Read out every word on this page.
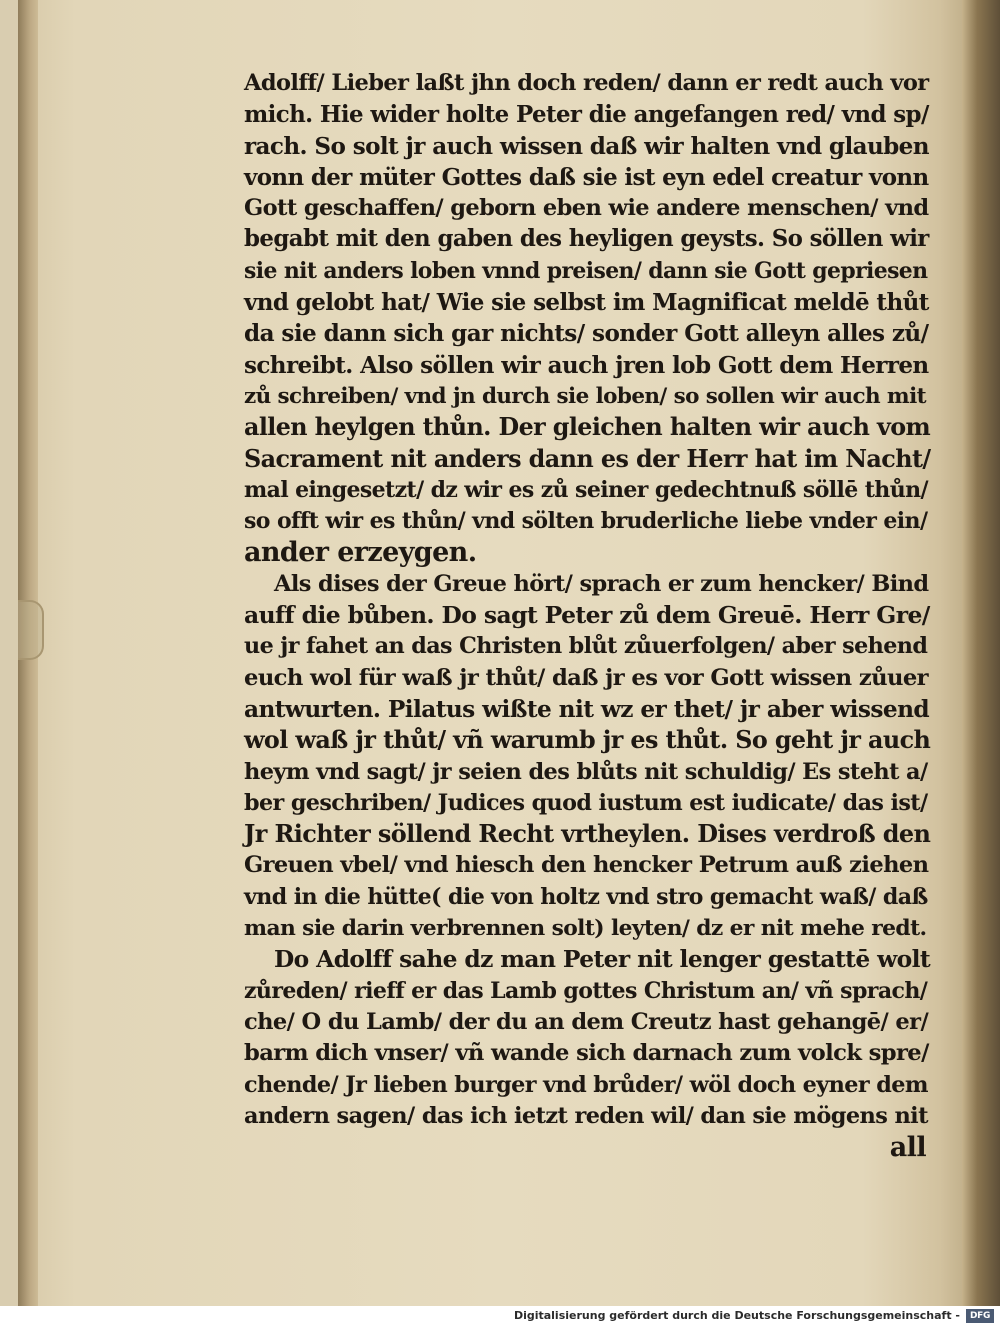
Adolff/ Lieber laßt jhn doch reden/ dann er redt auch vor
mich. Hie wider holte Peter die angefangen red/ vnd sp/
rach. So solt jr auch wissen daß wir halten vnd glauben
vonn der müter Gottes daß sie ist eyn edel creatur vonn
Gott geschaffen/ geborn eben wie andere menschen/ vnd
begabt mit den gaben des heyligen geysts. So söllen wir
sie nit anders loben vnnd preisen/ dann sie Gott gepriesen
vnd gelobt hat/ Wie sie selbst im Magnificat meldē thůt
da sie dann sich gar nichts/ sonder Gott alleyn alles zů/
schreibt. Also söllen wir auch jren lob Gott dem Herren
zů schreiben/ vnd jn durch sie loben/ so sollen wir auch mit
allen heylgen thůn. Der gleichen halten wir auch vom
Sacrament nit anders dann es der Herr hat im Nacht/
mal eingesetzt/ dz wir es zů seiner gedechtnuß söllē thůn/
so offt wir es thůn/ vnd sölten bruderliche liebe vnder ein/
ander erzeygen.
Als dises der Greue hört/ sprach er zum hencker/ Bind
auff die bůben. Do sagt Peter zů dem Greuē. Herr Gre/
ue jr fahet an das Christen blůt zůuerfolgen/ aber sehend
euch wol für waß jr thůt/ daß jr es vor Gott wissen zůuer
antwurten. Pilatus wißte nit wz er thet/ jr aber wissend
wol waß jr thůt/ vñ warumb jr es thůt. So geht jr auch
heym vnd sagt/ jr seien des blůts nit schuldig/ Es steht a/
ber geschriben/ Judices quod iustum est iudicate/ das ist/
Jr Richter söllend Recht vrtheylen. Dises verdroß den
Greuen vbel/ vnd hiesch den hencker Petrum auß ziehen
vnd in die hütte( die von holtz vnd stro gemacht waß/ daß
man sie darin verbrennen solt) leyten/ dz er nit mehe redt.
Do Adolff sahe dz man Peter nit lenger gestattē wolt
zůreden/ rieff er das Lamb gottes Christum an/ vñ sprach/
che/ O du Lamb/ der du an dem Creutz hast gehangē/ er/
barm dich vnser/ vñ wande sich darnach zum volck spre/
chende/ Jr lieben burger vnd brůder/ wöl doch eyner dem
andern sagen/ das ich ietzt reden wil/ dan sie mögens nit
all
Digitalisierung gefördert durch die Deutsche Forschungsgemeinschaft -	DFG
